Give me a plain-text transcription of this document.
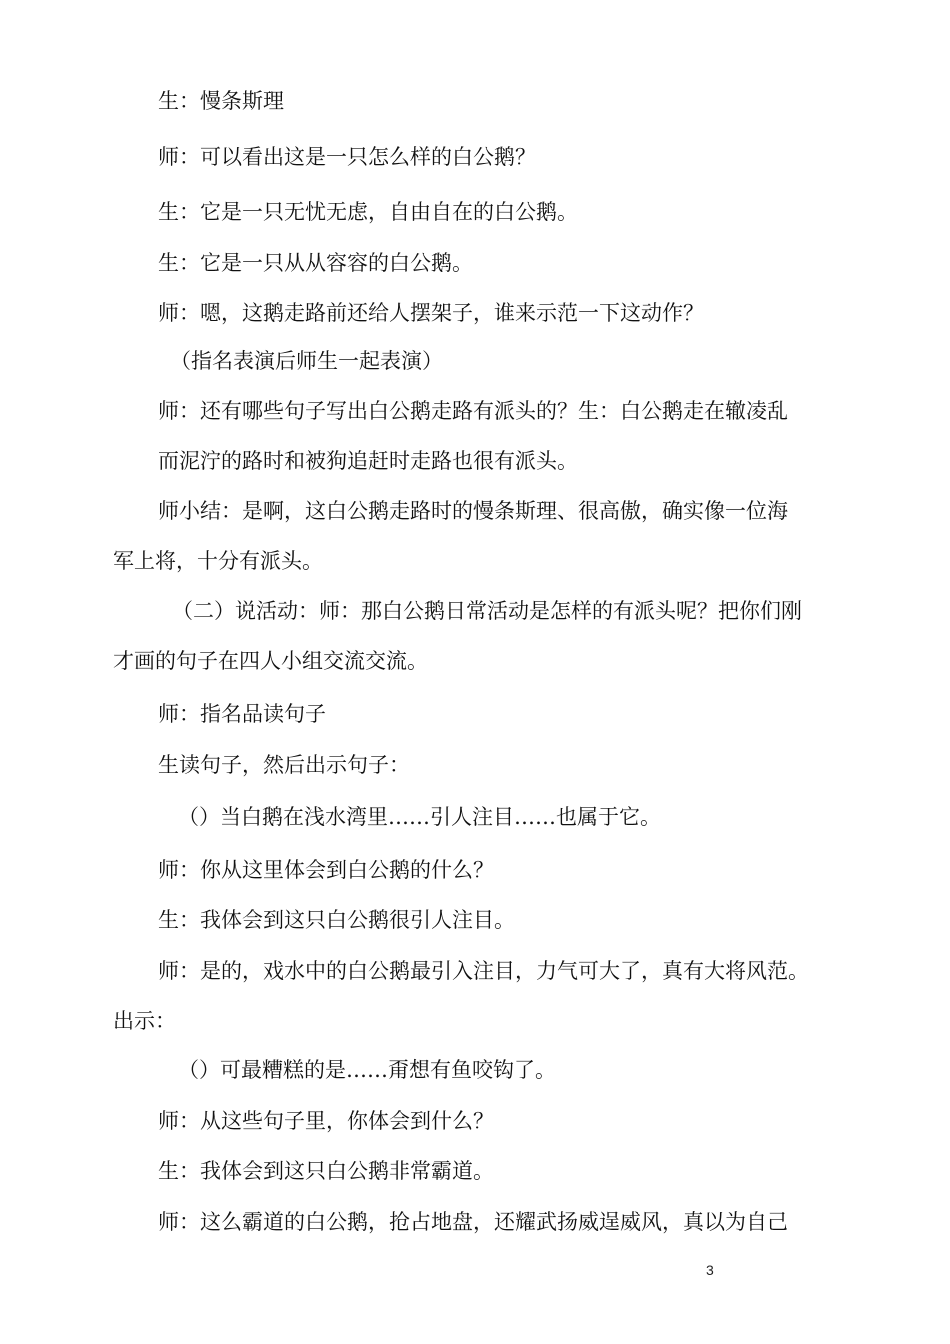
生：慢条斯理
师：可以看出这是一只怎么样的白公鹅？
生：它是一只无忧无虑，自由自在的白公鹅。
生：它是一只从从容容的白公鹅。
师：嗯，这鹅走路前还给人摆架子，谁来示范一下这动作？
（指名表演后师生一起表演）
师：还有哪些句子写出白公鹅走路有派头的？生：白公鹅走在辙凌乱
而泥泞的路时和被狗追赶时走路也很有派头。
师小结：是啊，这白公鹅走路时的慢条斯理、很高傲，确实像一位海
军上将，十分有派头。
（二）说活动：师：那白公鹅日常活动是怎样的有派头呢？把你们刚
才画的句子在四人小组交流交流。
师：指名品读句子
生读句子，然后出示句子：
（）当白鹅在浅水湾里……引人注目……也属于它。
师：你从这里体会到白公鹅的什么？
生：我体会到这只白公鹅很引人注目。
师：是的，戏水中的白公鹅最引入注目，力气可大了，真有大将风范。
出示：
（）可最糟糕的是……甭想有鱼咬钩了。
师：从这些句子里，你体会到什么？
生：我体会到这只白公鹅非常霸道。
师：这么霸道的白公鹅，抢占地盘，还耀武扬威逞威风，真以为自己
3
